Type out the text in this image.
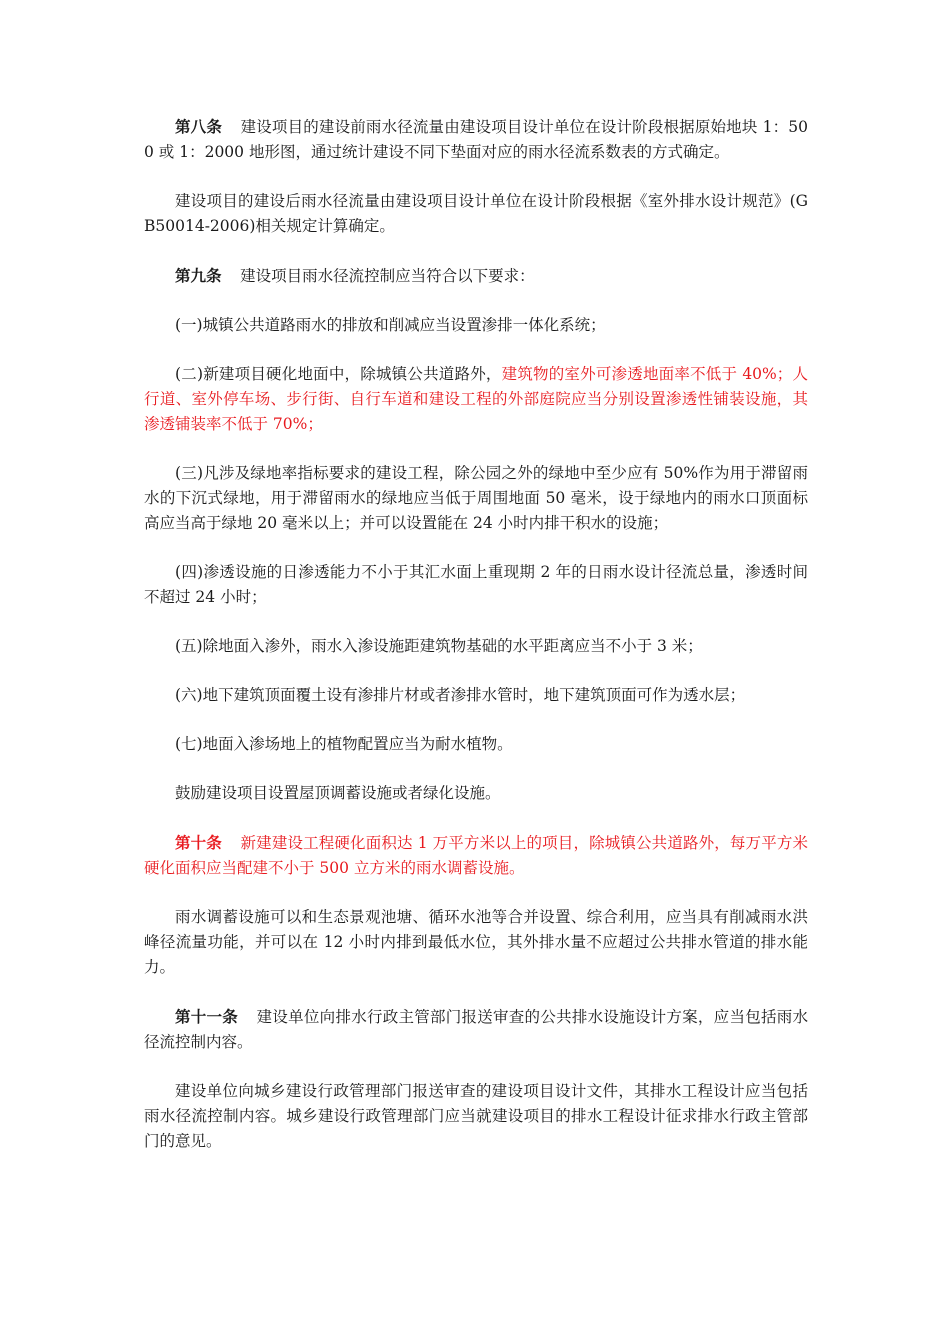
第八条 建设项目的建设前雨水径流量由建设项目设计单位在设计阶段根据原始地块 1：500 或 1：2000 地形图，通过统计建设不同下垫面对应的雨水径流系数表的方式确定。

建设项目的建设后雨水径流量由建设项目设计单位在设计阶段根据《室外排水设计规范》(GB50014-2006)相关规定计算确定。

第九条 建设项目雨水径流控制应当符合以下要求：

(一)城镇公共道路雨水的排放和削减应当设置渗排一体化系统；

(二)新建项目硬化地面中，除城镇公共道路外，建筑物的室外可渗透地面率不低于 40%；人行道、室外停车场、步行街、自行车道和建设工程的外部庭院应当分别设置渗透性铺装设施，其渗透铺装率不低于 70%；

(三)凡涉及绿地率指标要求的建设工程，除公园之外的绿地中至少应有 50%作为用于滞留雨水的下沉式绿地，用于滞留雨水的绿地应当低于周围地面 50 毫米，设于绿地内的雨水口顶面标高应当高于绿地 20 毫米以上；并可以设置能在 24 小时内排干积水的设施；

(四)渗透设施的日渗透能力不小于其汇水面上重现期 2 年的日雨水设计径流总量，渗透时间不超过 24 小时；

(五)除地面入渗外，雨水入渗设施距建筑物基础的水平距离应当不小于 3 米；

(六)地下建筑顶面覆土设有渗排片材或者渗排水管时，地下建筑顶面可作为透水层；

(七)地面入渗场地上的植物配置应当为耐水植物。

鼓励建设项目设置屋顶调蓄设施或者绿化设施。

第十条 新建建设工程硬化面积达 1 万平方米以上的项目，除城镇公共道路外，每万平方米硬化面积应当配建不小于 500 立方米的雨水调蓄设施。

雨水调蓄设施可以和生态景观池塘、循环水池等合并设置、综合利用，应当具有削减雨水洪峰径流量功能，并可以在 12 小时内排到最低水位，其外排水量不应超过公共排水管道的排水能力。

第十一条 建设单位向排水行政主管部门报送审查的公共排水设施设计方案，应当包括雨水径流控制内容。

建设单位向城乡建设行政管理部门报送审查的建设项目设计文件，其排水工程设计应当包括雨水径流控制内容。城乡建设行政管理部门应当就建设项目的排水工程设计征求排水行政主管部门的意见。
